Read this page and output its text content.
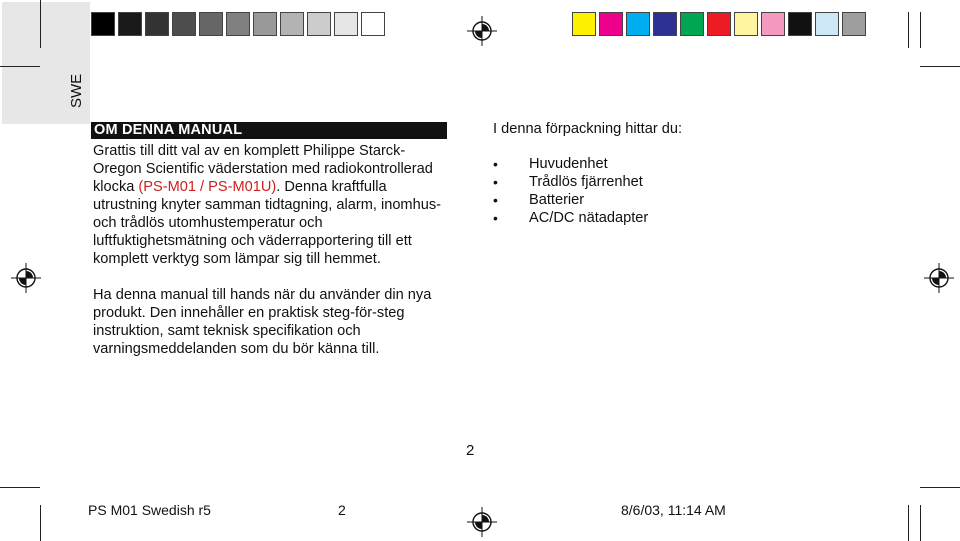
SWE
OM DENNA MANUAL
Grattis till ditt val av en komplett Philippe Starck-
Oregon Scientific väderstation med radiokontrollerad
klocka (PS-M01 / PS-M01U). Denna kraftfulla
utrustning knyter samman tidtagning, alarm, inomhus-
och trådlös utomhustemperatur och
luftfuktighetsmätning och väderrapportering till ett
komplett verktyg som lämpar sig till hemmet.
Ha denna manual till hands när du använder din nya
produkt. Den innehåller en praktisk steg-för-steg
instruktion, samt teknisk specifikation och
varningsmeddelanden som du bör känna till.
I denna förpackning hittar du:
• Huvudenhet
• Trådlös fjärrenhet
• Batterier
• AC/DC nätadapter
2
PS M01 Swedish r5	2	8/6/03, 11:14 AM
